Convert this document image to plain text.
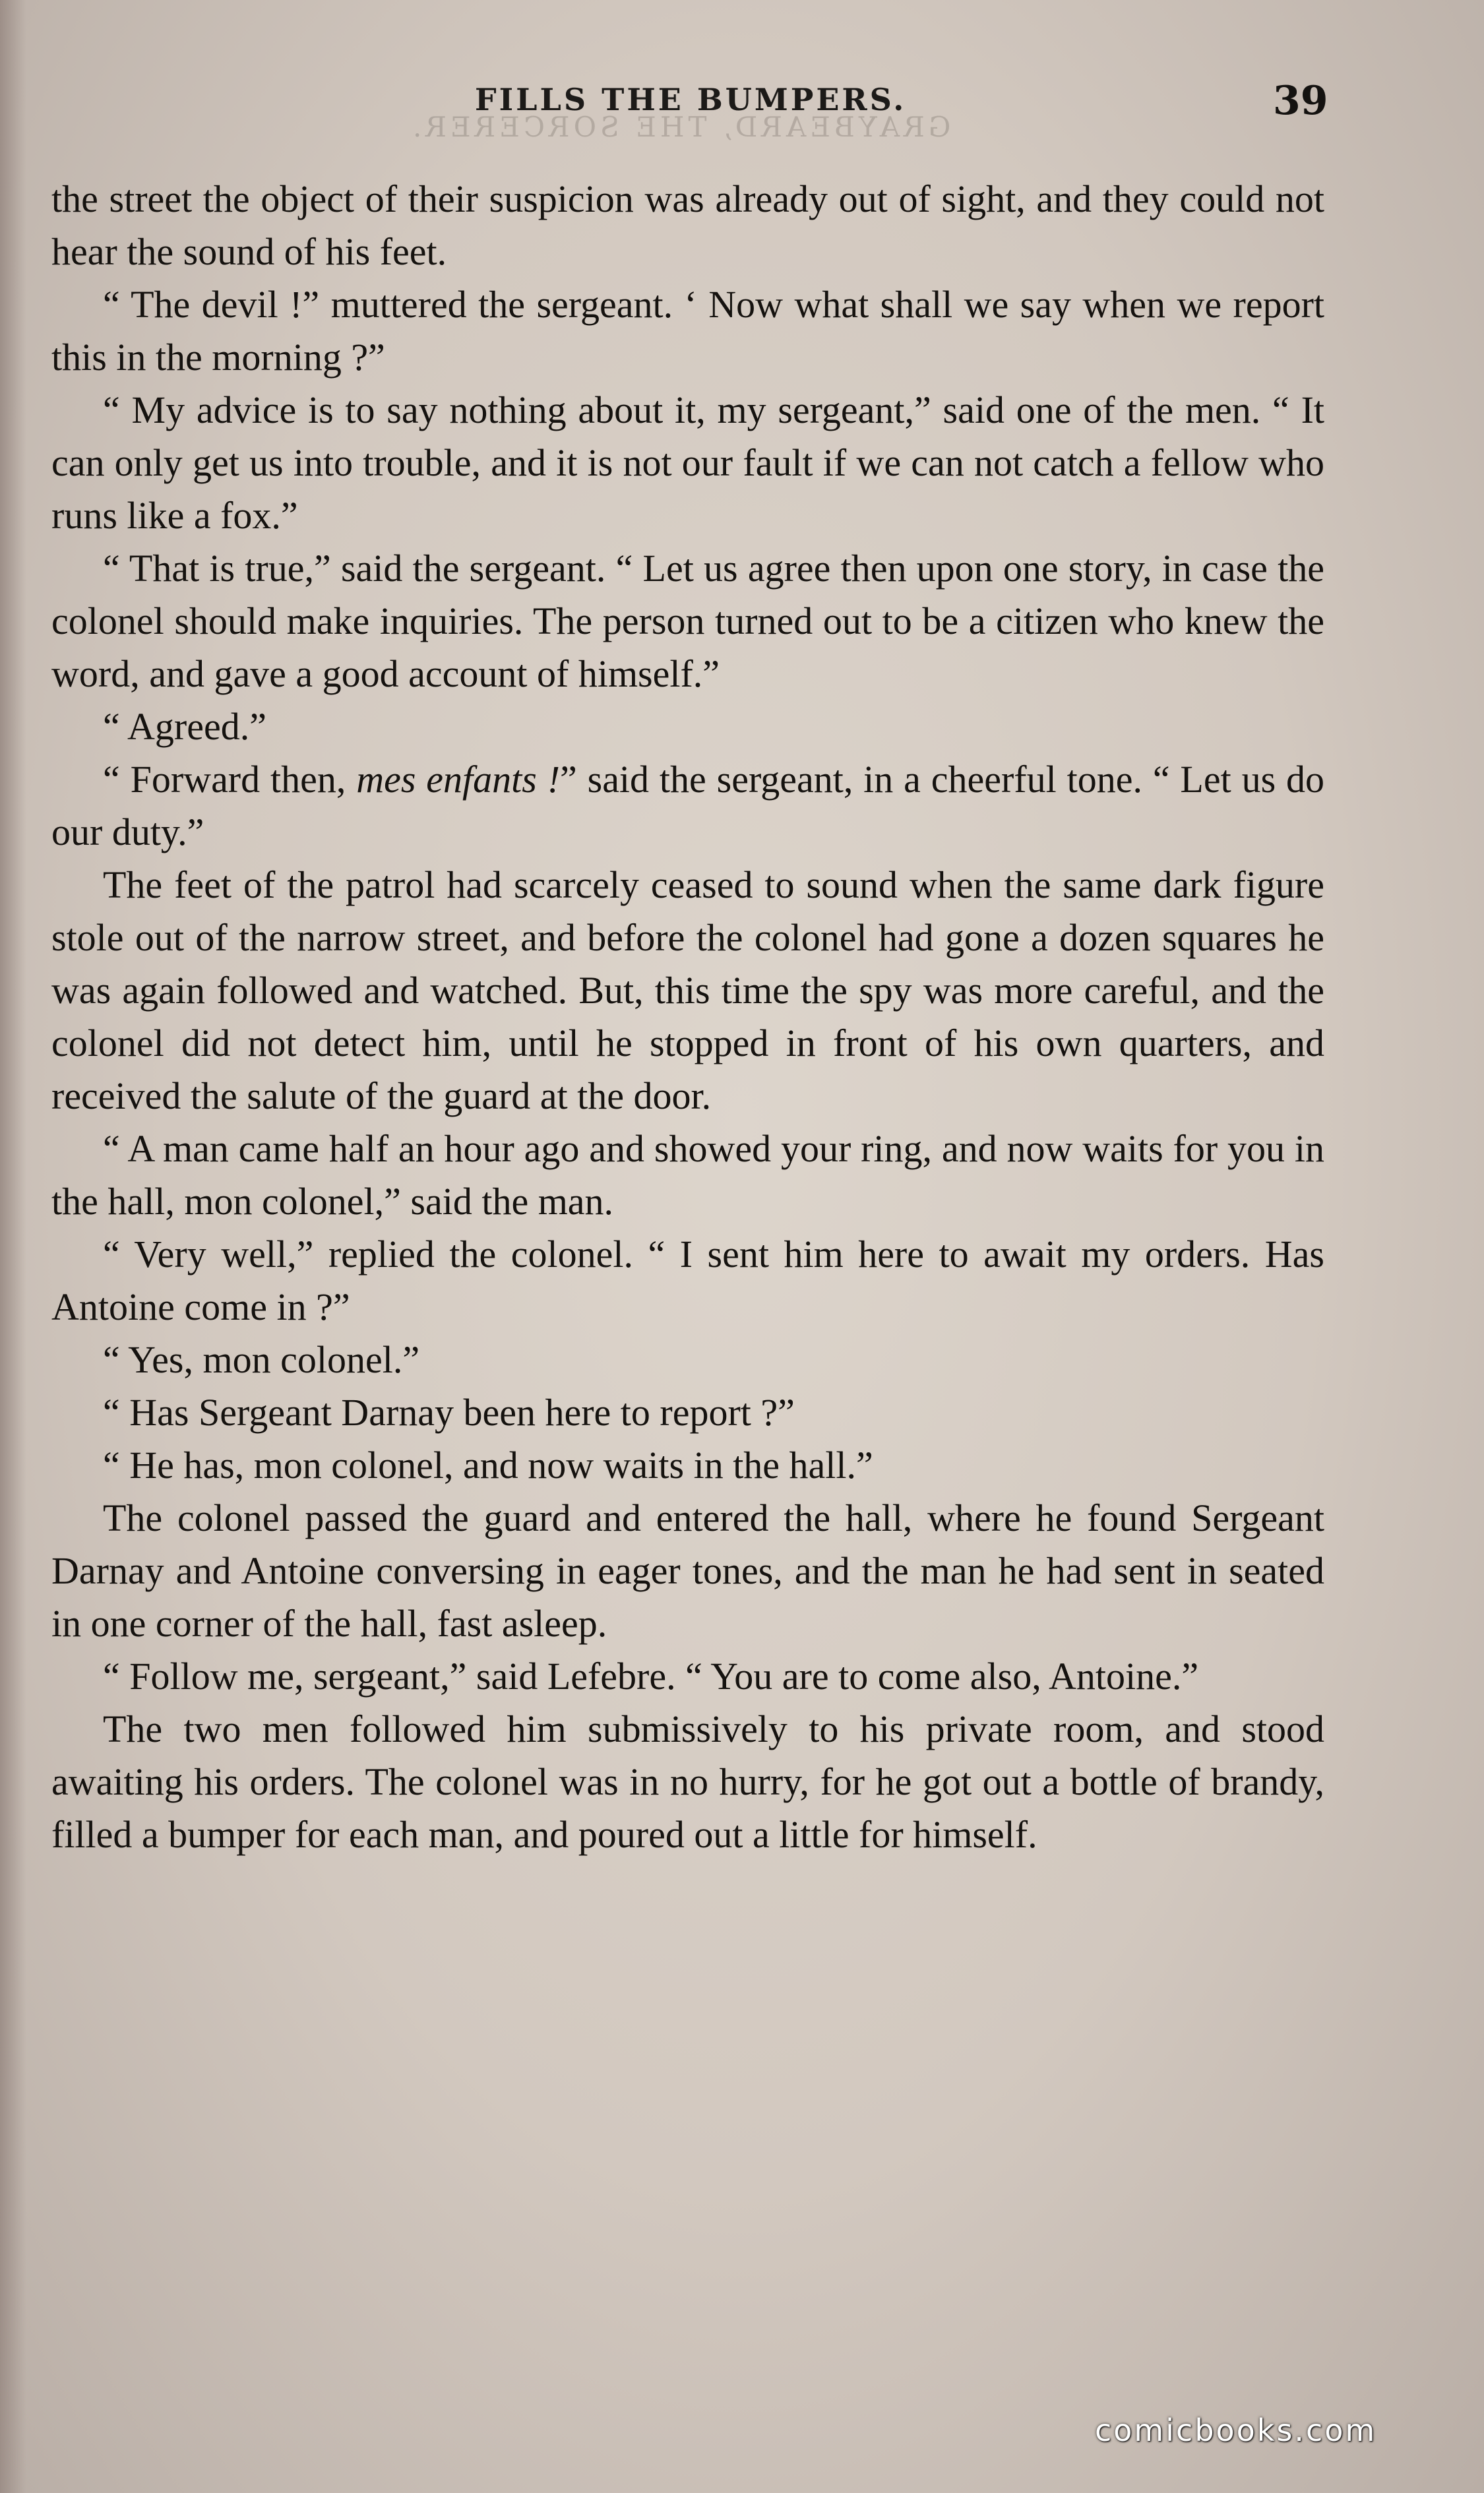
GRAYBEARD, THE SORCERER.
FILLS THE BUMPERS.	39

the street the object of their suspicion was already out of sight, and they could not hear the sound of his feet.

“ The devil !” muttered the sergeant. ‘ Now what shall we say when we report this in the morning ?”

“ My advice is to say nothing about it, my sergeant,” said one of the men. “ It can only get us into trouble, and it is not our fault if we can not catch a fellow who runs like a fox.”

“ That is true,” said the sergeant. “ Let us agree then upon one story, in case the colonel should make inquiries. The person turned out to be a citizen who knew the word, and gave a good account of himself.”

“ Agreed.”

“ Forward then, mes enfants !” said the sergeant, in a cheerful tone. “ Let us do our duty.”

The feet of the patrol had scarcely ceased to sound when the same dark figure stole out of the narrow street, and before the colonel had gone a dozen squares he was again followed and watched. But, this time the spy was more careful, and the colonel did not detect him, until he stopped in front of his own quarters, and received the salute of the guard at the door.

“ A man came half an hour ago and showed your ring, and now waits for you in the hall, mon colonel,” said the man.

“ Very well,” replied the colonel. “ I sent him here to await my orders. Has Antoine come in ?”

“ Yes, mon colonel.”

“ Has Sergeant Darnay been here to report ?”

“ He has, mon colonel, and now waits in the hall.”

The colonel passed the guard and entered the hall, where he found Sergeant Darnay and Antoine conversing in eager tones, and the man he had sent in seated in one corner of the hall, fast asleep.

“ Follow me, sergeant,” said Lefebre. “ You are to come also, Antoine.”

The two men followed him submissively to his private room, and stood awaiting his orders. The colonel was in no hurry, for he got out a bottle of brandy, filled a bumper for each man, and poured out a little for himself.

comicbooks.com
